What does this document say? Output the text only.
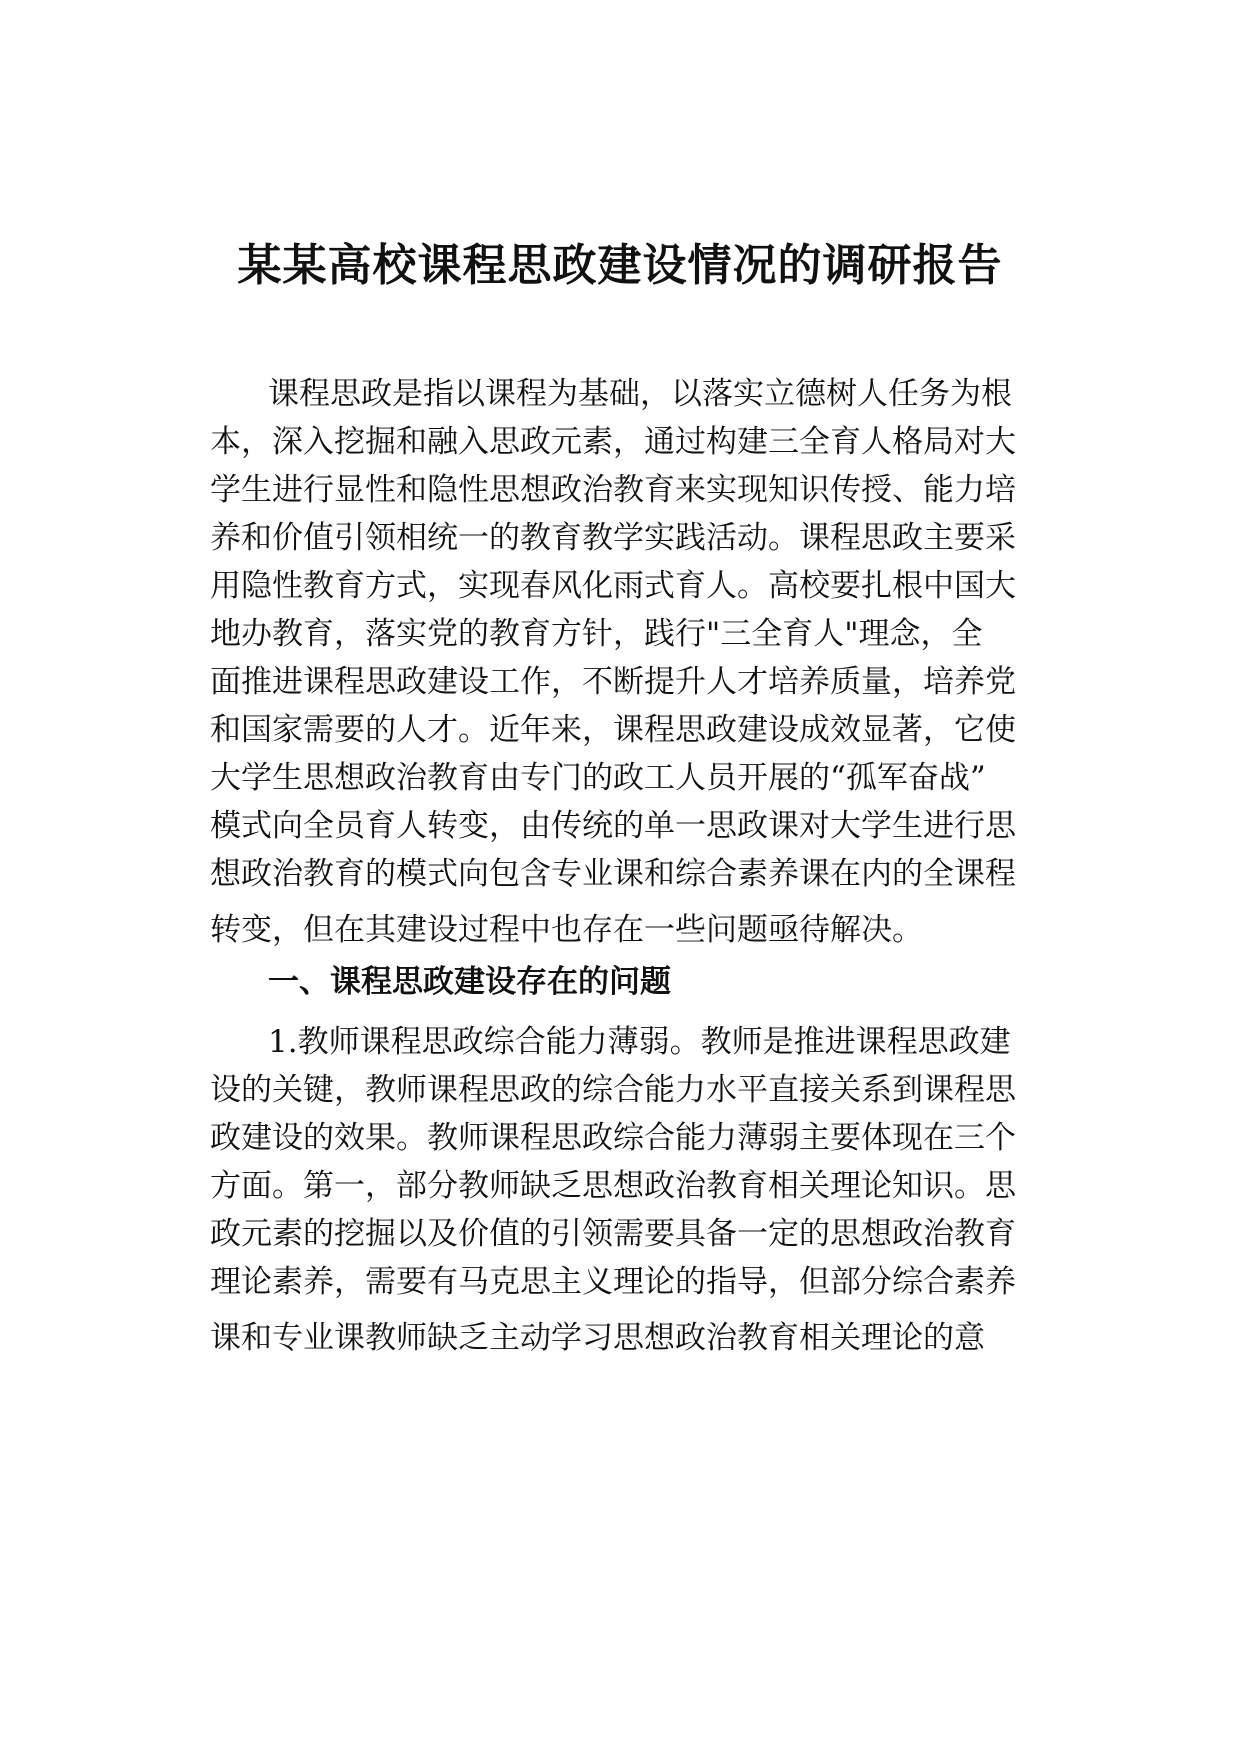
某某高校课程思政建设情况的调研报告

课程思政是指以课程为基础，以落实立德树人任务为根

本，深入挖掘和融入思政元素，通过构建三全育人格局对大

学生进行显性和隐性思想政治教育来实现知识传授、能力培

养和价值引领相统一的教育教学实践活动。课程思政主要采

用隐性教育方式，实现春风化雨式育人。高校要扎根中国大

地办教育，落实党的教育方针，践行"三全育人"理念，全

面推进课程思政建设工作，不断提升人才培养质量，培养党

和国家需要的人才。近年来，课程思政建设成效显著，它使

大学生思想政治教育由专门的政工人员开展的“孤军奋战”

模式向全员育人转变，由传统的单一思政课对大学生进行思

想政治教育的模式向包含专业课和综合素养课在内的全课程

转变，但在其建设过程中也存在一些问题亟待解决。

一、课程思政建设存在的问题

1.教师课程思政综合能力薄弱。教师是推进课程思政建

设的关键，教师课程思政的综合能力水平直接关系到课程思

政建设的效果。教师课程思政综合能力薄弱主要体现在三个

方面。第一，部分教师缺乏思想政治教育相关理论知识。思

政元素的挖掘以及价值的引领需要具备一定的思想政治教育

理论素养，需要有马克思主义理论的指导，但部分综合素养

课和专业课教师缺乏主动学习思想政治教育相关理论的意
